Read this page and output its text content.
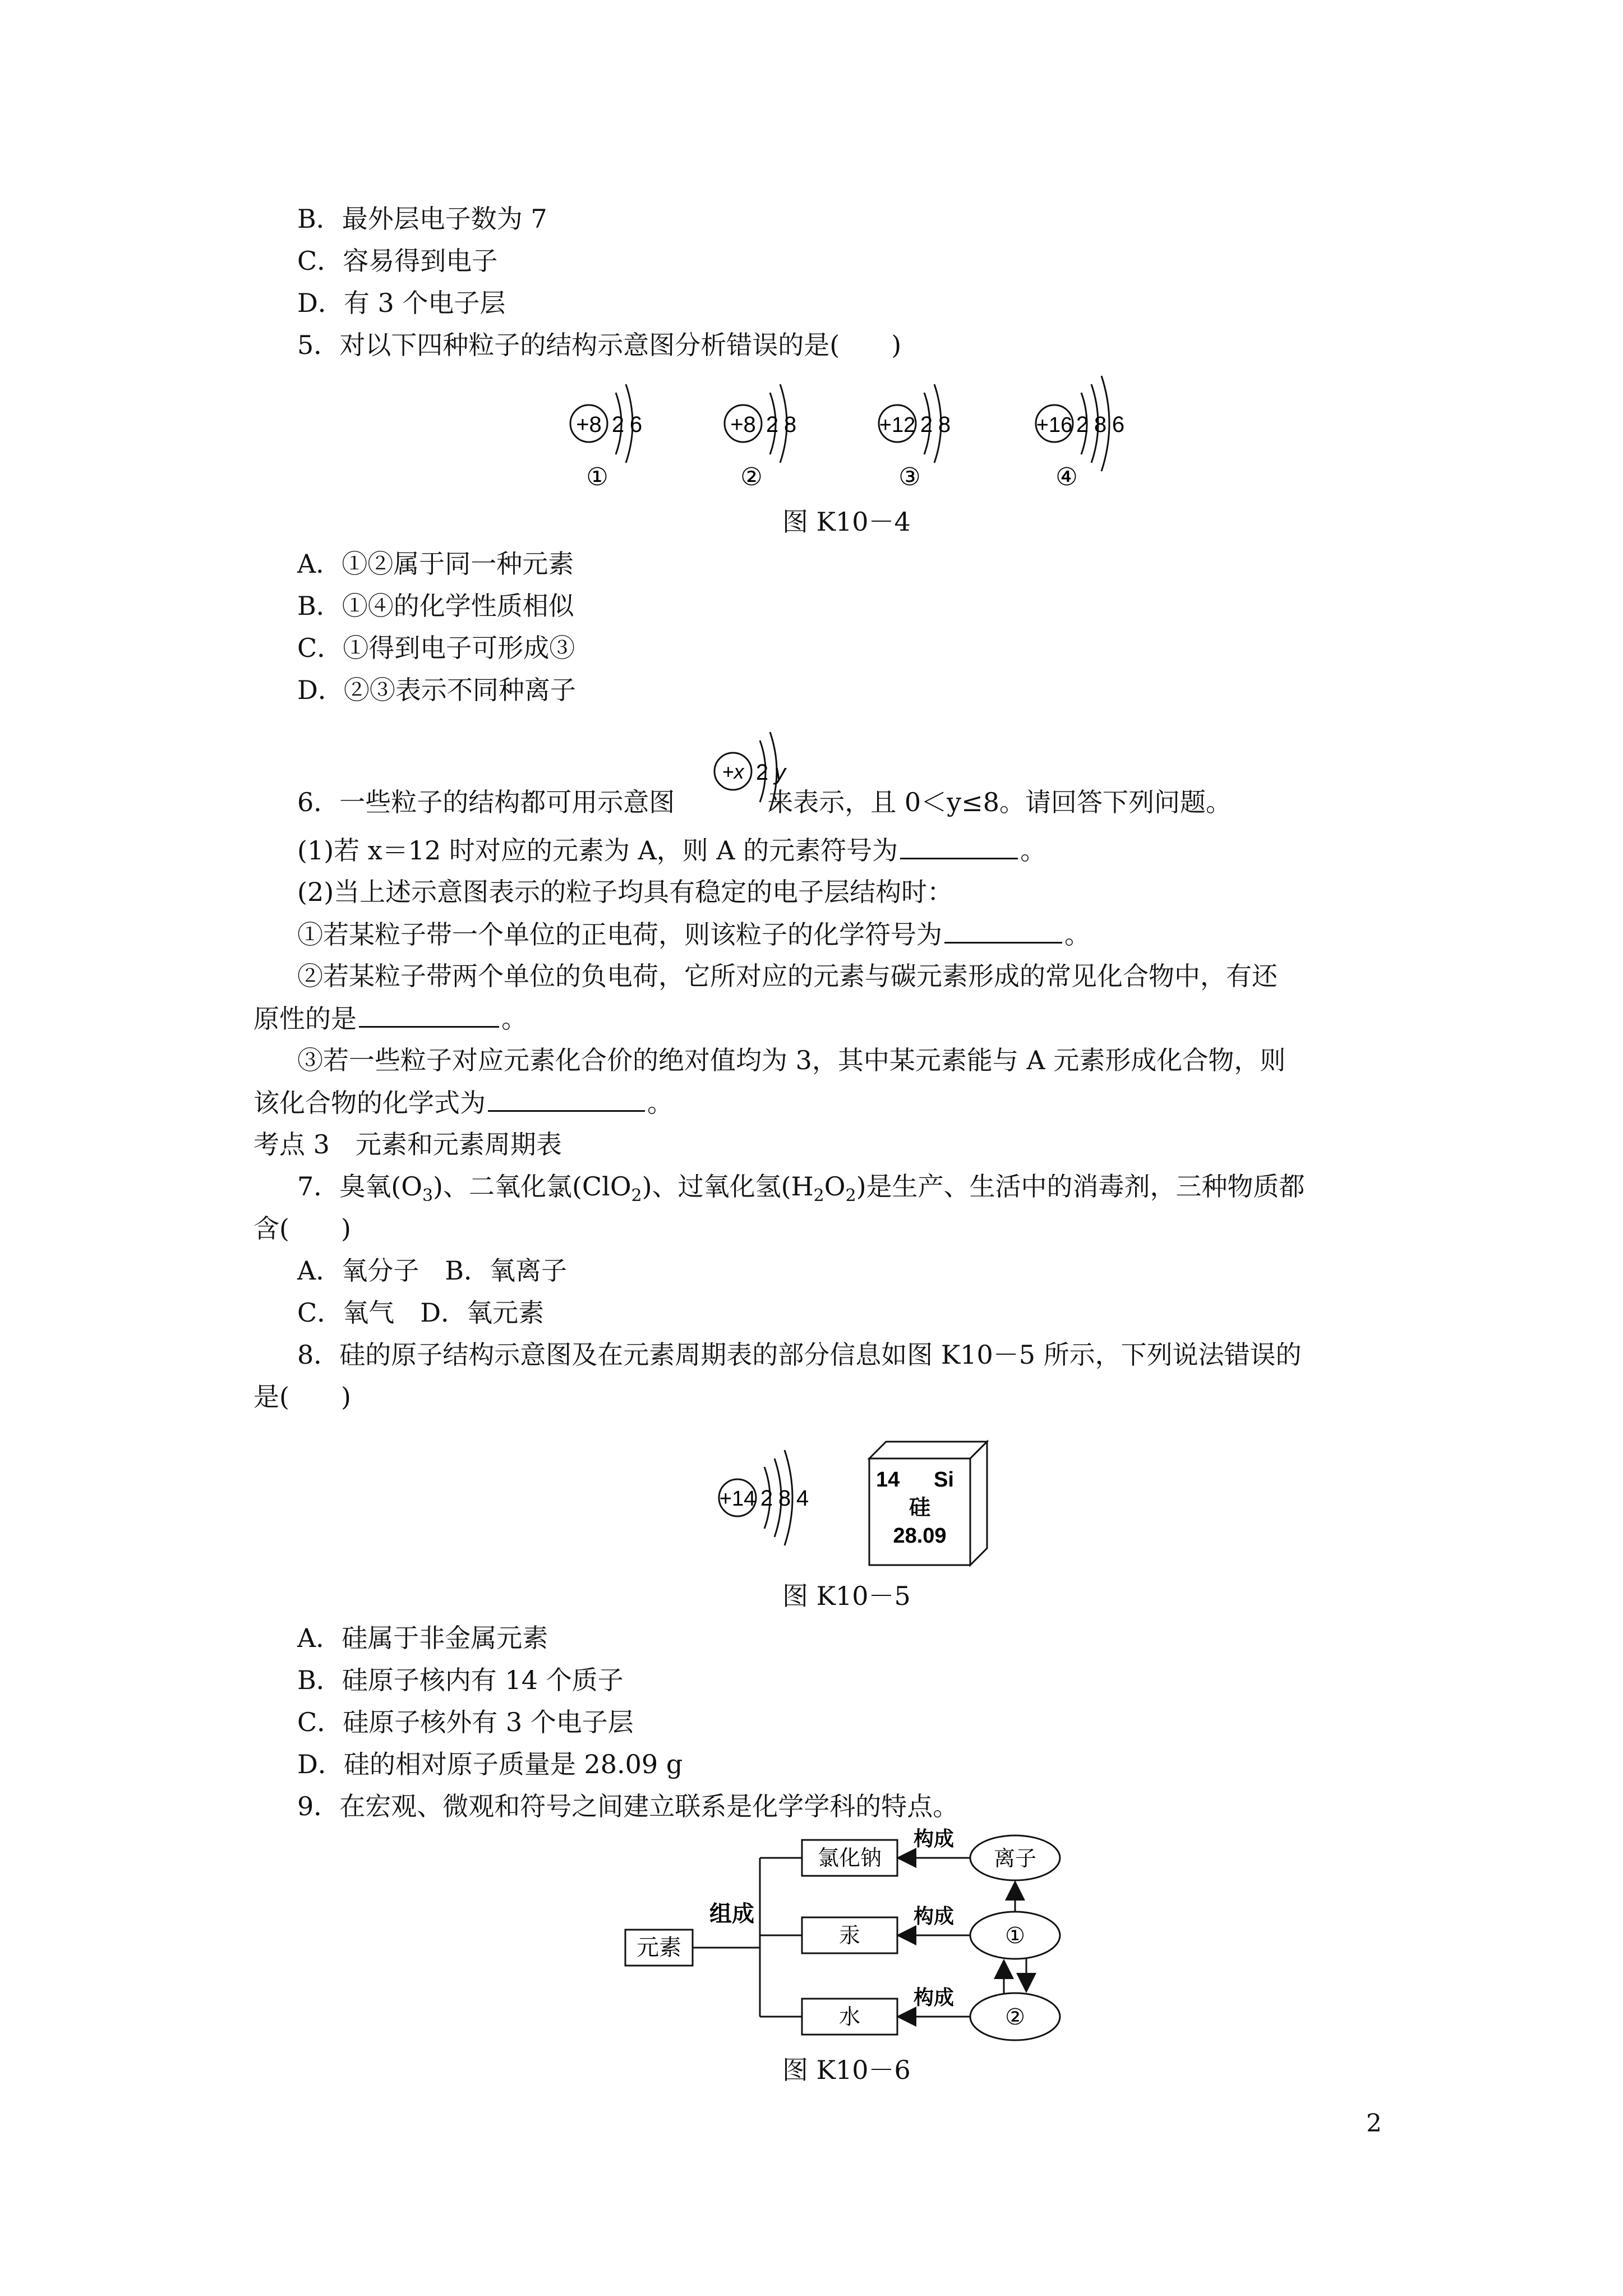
B．最外层电子数为 7
C．容易得到电子
D．有 3 个电子层
5．对以下四种粒子的结构示意图分析错误的是(　　)
+8 2 6
①
+8 2 8
②
+12 2 8
③
+16 2 8 6
④
图 K10－4
A．①②属于同一种元素
B．①④的化学性质相似
C．①得到电子可形成③
D．②③表示不同种离子
6．一些粒子的结构都可用示意图	来表示，且 0＜y≤8。请回答下列问题。
+x 2 y
(1)若 x＝12 时对应的元素为 A，则 A 的元素符号为	。
(2)当上述示意图表示的粒子均具有稳定的电子层结构时：
①若某粒子带一个单位的正电荷，则该粒子的化学符号为	。
②若某粒子带两个单位的负电荷，它所对应的元素与碳元素形成的常见化合物中，有还
原性的是	。
③若一些粒子对应元素化合价的绝对值均为 3，其中某元素能与 A 元素形成化合物，则
该化合物的化学式为	。
考点 3　元素和元素周期表
7．臭氧$(O_3)$、二氧化氯(ClO$_2$)、过氧化氢$(H_2O_2)$是生产、生活中的消毒剂，三种物质都
含(　　)
A．氧分子　B．氧离子
C．氧气　D．氧元素
8．硅的原子结构示意图及在元素周期表的部分信息如图 K10－5 所示，下列说法错误的
是(　　)
+14 2 8 4
14 Si
硅
28.09
图 K10－5
A．硅属于非金属元素
B．硅原子核内有 14 个质子
C．硅原子核外有 3 个电子层
D．硅的相对原子质量是 28.09 g
9．在宏观、微观和符号之间建立联系是化学学科的特点。
元素
组成
氯化钠
汞
水
离子
①
②
构成
构成
构成
图 K10－6
2
